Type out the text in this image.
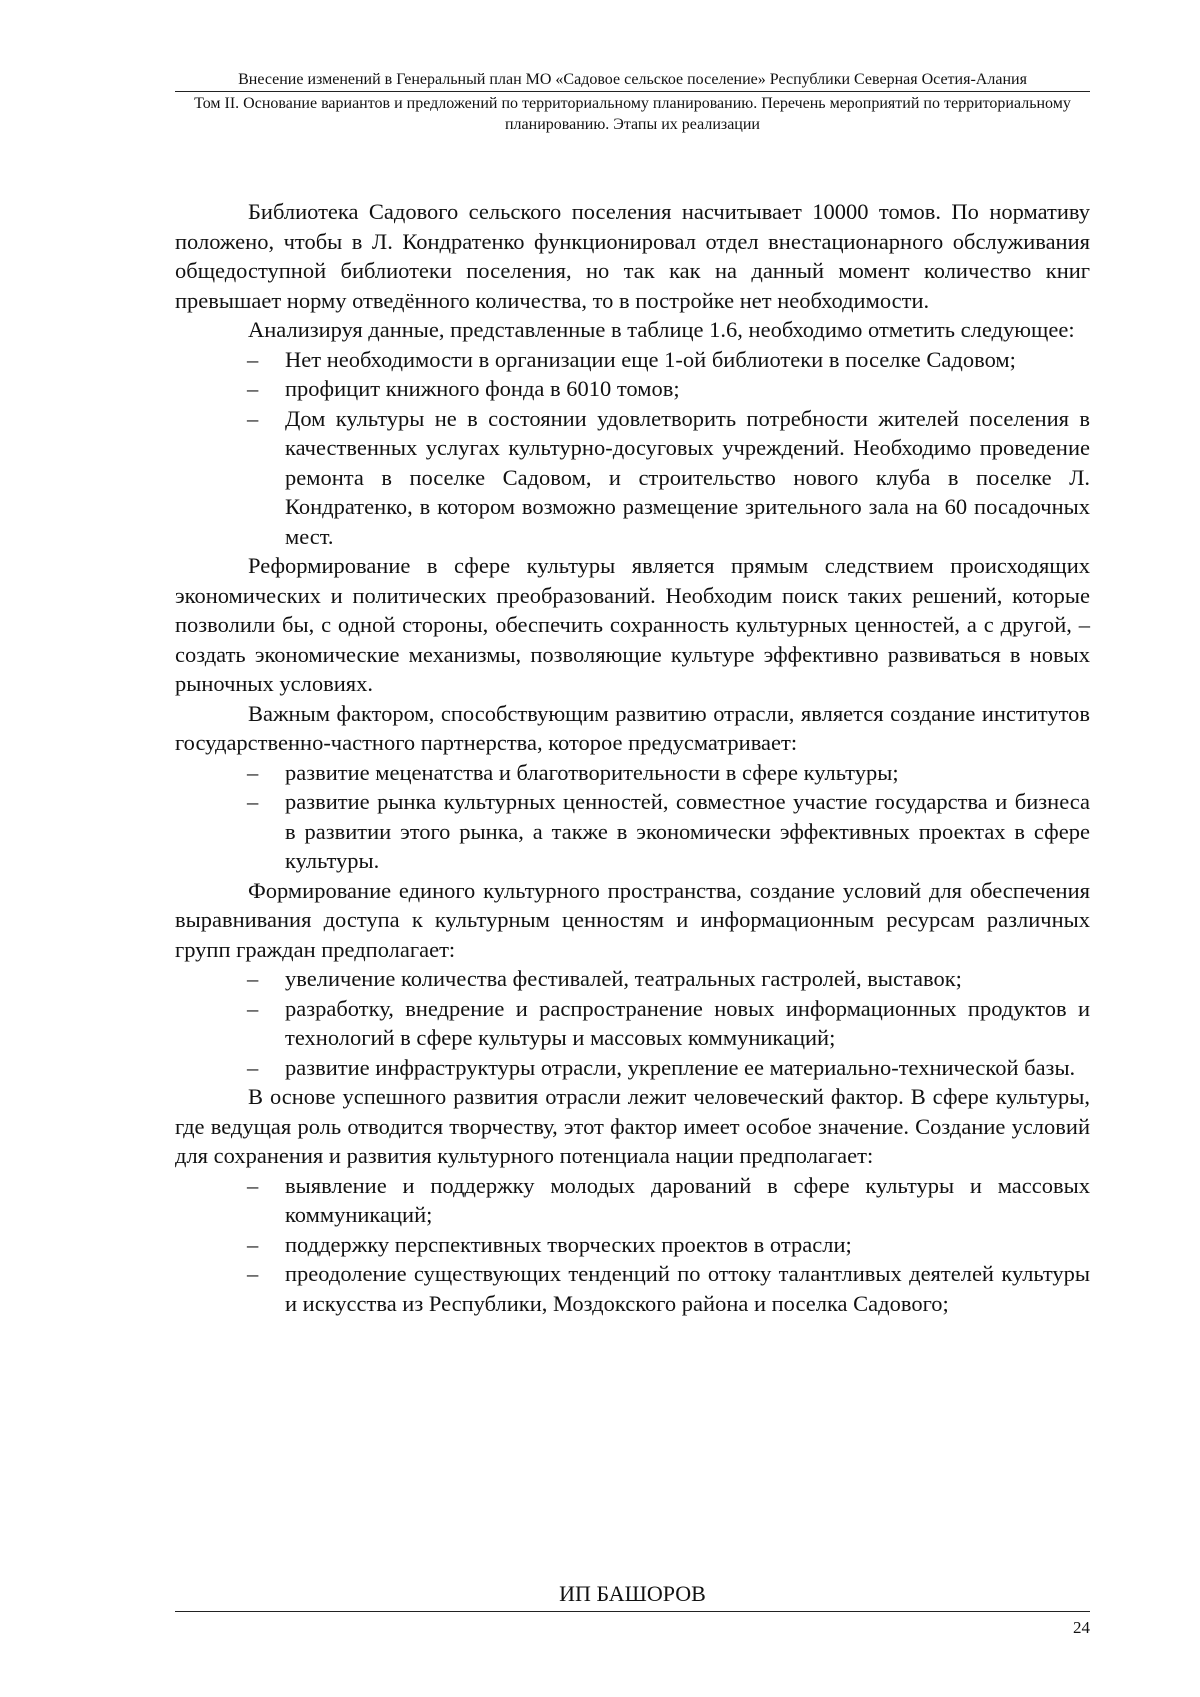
Внесение изменений в Генеральный план МО «Садовое сельское поселение» Республики Северная Осетия-Алания
Том II. Основание вариантов и предложений по территориальному планированию. Перечень мероприятий по территориальному планированию. Этапы их реализации

Библиотека Садового сельского поселения насчитывает 10000 томов. По нормативу положено, чтобы в Л. Кондратенко функционировал отдел внестационарного обслуживания общедоступной библиотеки поселения, но так как на данный момент количество книг превышает норму отведённого количества, то в постройке нет необходимости.

Анализируя данные, представленные в таблице 1.6, необходимо отметить следующее:

– Нет необходимости в организации еще 1-ой библиотеки в поселке Садовом;
– профицит книжного фонда в 6010 томов;
– Дом культуры не в состоянии удовлетворить потребности жителей поселения в качественных услугах культурно-досуговых учреждений. Необходимо проведение ремонта в поселке Садовом, и строительство нового клуба в поселке Л. Кондратенко, в котором возможно размещение зрительного зала на 60 посадочных мест.

Реформирование в сфере культуры является прямым следствием происходящих экономических и политических преобразований. Необходим поиск таких решений, которые позволили бы, с одной стороны, обеспечить сохранность культурных ценностей, а с другой, – создать экономические механизмы, позволяющие культуре эффективно развиваться в новых рыночных условиях.

Важным фактором, способствующим развитию отрасли, является создание институтов государственно-частного партнерства, которое предусматривает:

– развитие меценатства и благотворительности в сфере культуры;
– развитие рынка культурных ценностей, совместное участие государства и бизнеса в развитии этого рынка, а также в экономически эффективных проектах в сфере культуры.

Формирование единого культурного пространства, создание условий для обеспечения выравнивания доступа к культурным ценностям и информационным ресурсам различных групп граждан предполагает:

– увеличение количества фестивалей, театральных гастролей, выставок;
– разработку, внедрение и распространение новых информационных продуктов и технологий в сфере культуры и массовых коммуникаций;
– развитие инфраструктуры отрасли, укрепление ее материально-технической базы.

В основе успешного развития отрасли лежит человеческий фактор. В сфере культуры, где ведущая роль отводится творчеству, этот фактор имеет особое значение. Создание условий для сохранения и развития культурного потенциала нации предполагает:

– выявление и поддержку молодых дарований в сфере культуры и массовых коммуникаций;
– поддержку перспективных творческих проектов в отрасли;
– преодоление существующих тенденций по оттоку талантливых деятелей культуры и искусства из Республики, Моздокского района и поселка Садового;
ИП БАШОРОВ
24
